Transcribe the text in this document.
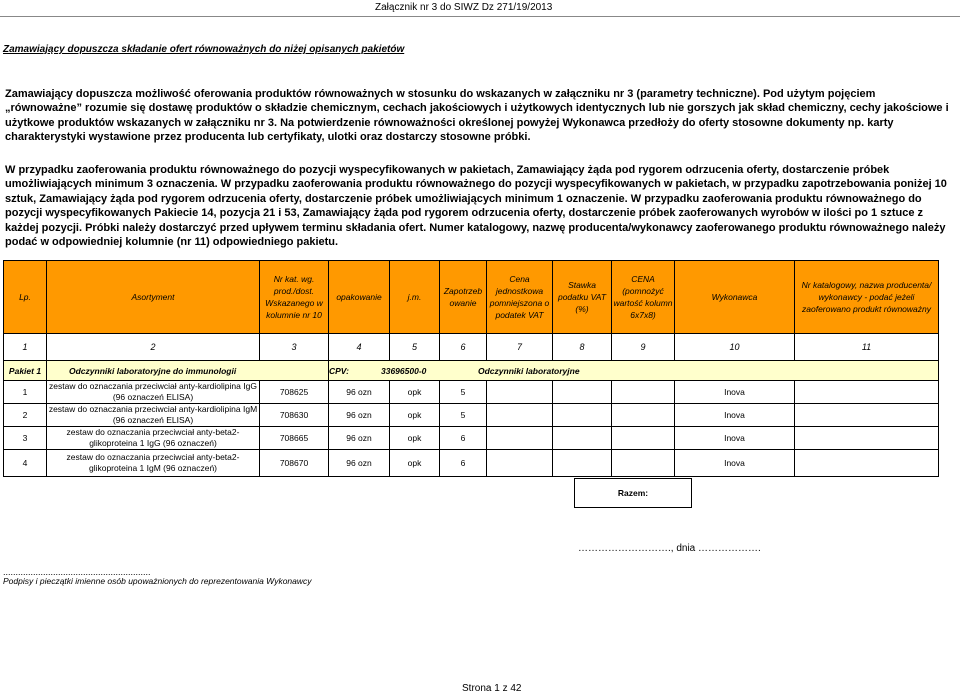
Załącznik nr 3 do SIWZ Dz 271/19/2013
Zamawiający dopuszcza składanie ofert równoważnych do niżej opisanych pakietów
Zamawiający dopuszcza możliwość oferowania produktów równoważnych w stosunku do wskazanych w załączniku nr 3 (parametry techniczne). Pod użytym pojęciem „równoważne” rozumie się dostawę produktów o składzie chemicznym, cechach jakościowych i użytkowych identycznych lub nie gorszych jak skład chemiczny, cechy jakościowe i użytkowe produktów wskazanych w załączniku nr 3. Na potwierdzenie równoważności określonej powyżej Wykonawca przedłoży do oferty stosowne dokumenty np. karty charakterystyki wystawione przez producenta lub certyfikaty, ulotki oraz dostarczy stosowne próbki.
W przypadku zaoferowania produktu równoważnego do pozycji wyspecyfikowanych w pakietach, Zamawiający żąda pod rygorem odrzucenia oferty, dostarczenie próbek umożliwiających minimum 3 oznaczenia. W przypadku zaoferowania produktu równoważnego do pozycji wyspecyfikowanych w pakietach, w przypadku zapotrzebowania poniżej 10 sztuk, Zamawiający żąda pod rygorem odrzucenia oferty, dostarczenie próbek umożliwiających minimum 1 oznaczenie. W przypadku zaoferowania produktu równoważnego do pozycji wyspecyfikowanych Pakiecie 14, pozycja 21 i 53, Zamawiający żąda pod rygorem odrzucenia oferty, dostarczenie próbek zaoferowanych wyrobów w ilości po 1 sztuce z każdej pozycji. Próbki należy dostarczyć przed upływem terminu składania ofert. Numer katalogowy, nazwę producenta/wykonawcy zaoferowanego produktu równoważnego należy podać w odpowiedniej kolumnie (nr 11) odpowiedniego pakietu.
Lp.	Asortyment	Nr kat. wg. prod./dost. Wskazanego w kolumnie nr 10	opakowanie	j.m.	Zapotrzeb owanie	Cena jednostkowa pomniejszona o podatek VAT	Stawka podatku VAT (%)	CENA (pomnożyć wartość kolumn 6x7x8)	Wykonawca	Nr katalogowy, nazwa producenta/ wykonawcy - podać jeżeli zaoferowano produkt równoważny
1	2	3	4	5	6	7	8	9	10	11
Pakiet 1	Odczynniki laboratoryjne do immunologii		CPV: 33696500-0 Odczynniki laboratoryjne							
1	zestaw do oznaczania przeciwciał anty-kardiolipina IgG (96 oznaczeń ELISA)	708625	96 ozn	opk	5				Inova	
2	zestaw do oznaczania przeciwciał anty-kardiolipina IgM (96 oznaczeń ELISA)	708630	96 ozn	opk	5				Inova	
3	zestaw do oznaczania przeciwciał anty-beta2-glikoproteina 1 IgG (96 oznaczeń)	708665	96 ozn	opk	6				Inova	
4	zestaw do oznaczania przeciwciał anty-beta2-glikoproteina 1 IgM (96 oznaczeń)	708670	96 ozn	opk	6				Inova	
Razem:
………………………., dnia ……………….
...........................................................
Podpisy i pieczątki imienne osób upoważnionych do reprezentowania Wykonawcy
Strona 1 z 42
